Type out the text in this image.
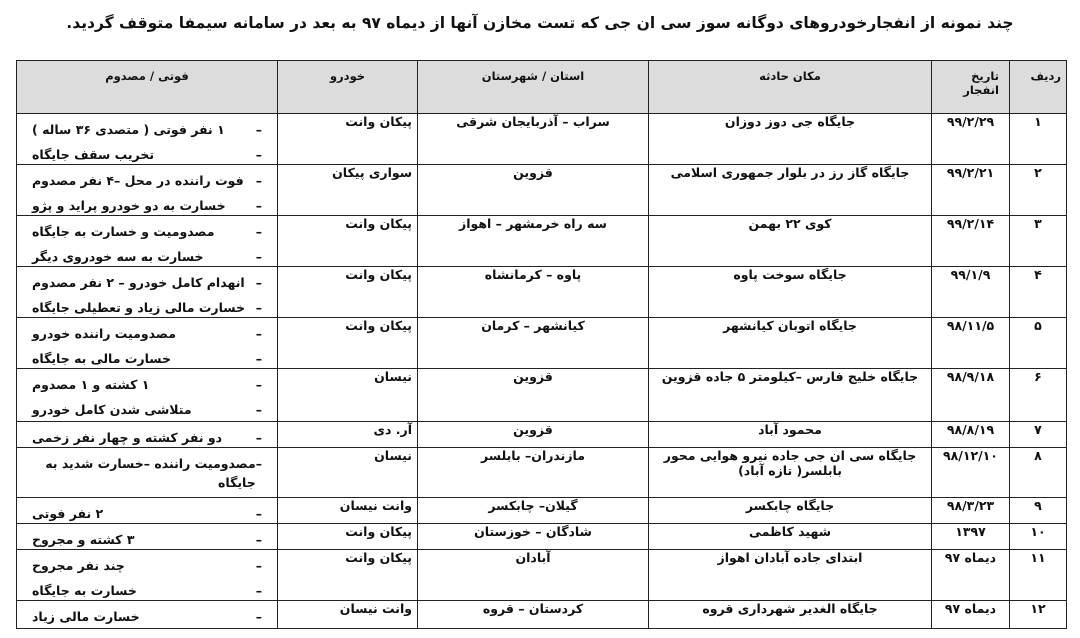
چند نمونه از انفجارخودروهای دوگانه سوز سی ان جی که تست مخازن آنها از دیماه ۹۷ به بعد در سامانه سیمفا متوقف گردید.
ردیف	تاریخ انفجار	مکان حادثه	استان / شهرستان	خودرو	فوتی / مصدوم
۱	۹۹/۲/۲۹	جایگاه جی دوز دوزان	سراب – آذربایجان شرقی	پیکان وانت	–
۱ نفر فوتی ( متصدی ۳۶ ساله )
–
تخریب سقف جایگاه

۲	۹۹/۲/۲۱	جایگاه گاز رز در بلوار جمهوری اسلامی	قزوین	سواری پیکان	–
فوت راننده در محل –۴ نفر مصدوم
–
خسارت به دو خودرو پراید و پژو

۳	۹۹/۲/۱۴	کوی ۲۲ بهمن	سه راه خرمشهر – اهواز	پیکان وانت	–
مصدومیت و خسارت به جایگاه
–
خسارت به سه خودروی دیگر

۴	۹۹/۱/۹	جایگاه سوخت پاوه	پاوه – کرمانشاه	پیکان وانت	–
انهدام کامل خودرو – ۲ نفر مصدوم
–
خسارت مالی زیاد و تعطیلی جایگاه

۵	۹۸/۱۱/۵	جایگاه اتوبان کیانشهر	کیانشهر – کرمان	پیکان وانت	–
مصدومیت راننده خودرو
–
خسارت مالی به جایگاه

۶	۹۸/۹/۱۸	جایگاه خلیج فارس –کیلومتر ۵ جاده قزوین	قزوین	نیسان	–
۱ کشته و ۱ مصدوم
–
متلاشی شدن کامل خودرو

۷	۹۸/۸/۱۹	محمود آباد	قزوین	آر. دی	–
دو نفر کشته و چهار نفر زخمی

۸	۹۸/۱۲/۱۰	جایگاه سی ان جی جاده نیرو هوایی محور بابلسر( تازه آباد)	مازندران– بابلسر	نیسان	–
مصدومیت راننده –خسارت شدید به جایگاه

۹	۹۸/۳/۲۳	جایگاه چابکسر	گیلان– چابکسر	وانت نیسان	–
۲ نفر فوتی

۱۰	۱۳۹۷	شهید کاظمی	شادگان – خوزستان	پیکان وانت	–
۳ کشته و مجروح

۱۱	دیماه ۹۷	ابتدای جاده آبادان اهواز	آبادان	پیکان وانت	–
چند نفر مجروح
–
خسارت به جایگاه

۱۲	دیماه ۹۷	جایگاه الغدیر شهرداری قروه	کردستان – قروه	وانت نیسان	–
خسارت مالی زیاد
